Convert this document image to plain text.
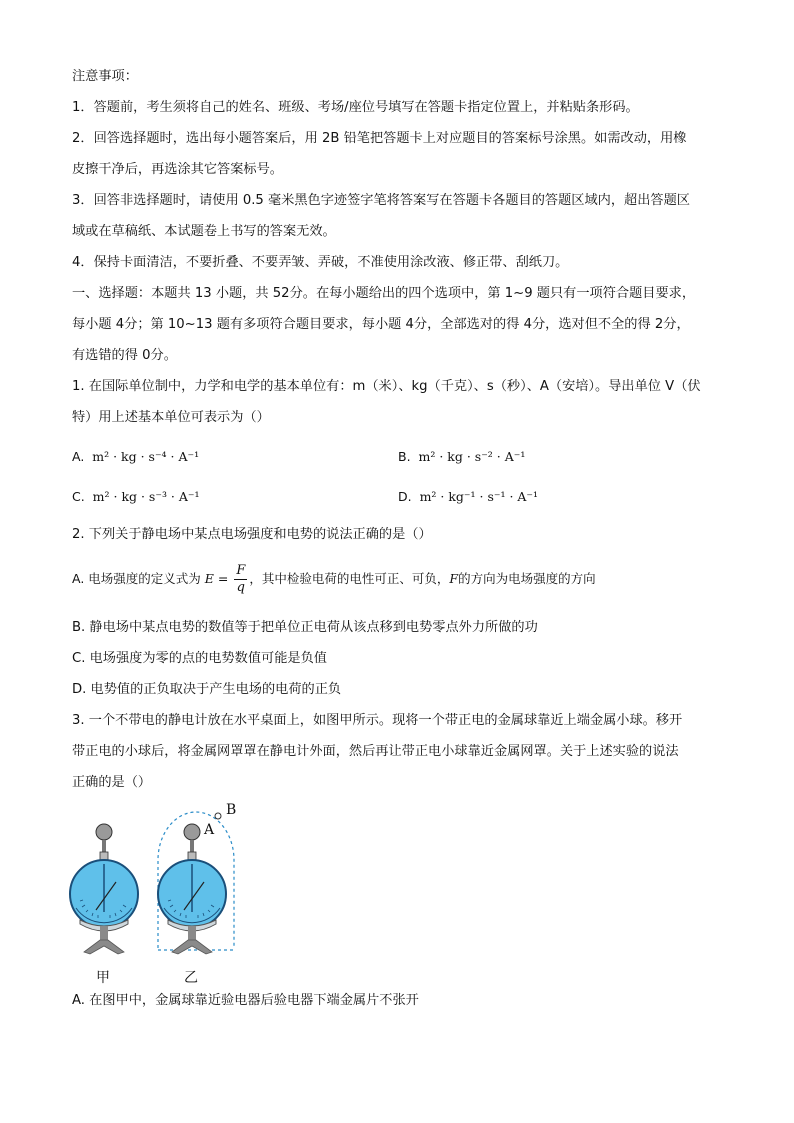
注意事项：
1．答题前，考生须将自己的姓名、班级、考场/座位号填写在答题卡指定位置上，并粘贴条形码。
2．回答选择题时，选出每小题答案后，用 2B 铅笔把答题卡上对应题目的答案标号涂黑。如需改动，用橡
皮擦干净后，再选涂其它答案标号。
3．回答非选择题时，请使用 0.5 毫米黑色字迹签字笔将答案写在答题卡各题目的答题区域内，超出答题区
域或在草稿纸、本试题卷上书写的答案无效。
4．保持卡面清洁，不要折叠、不要弄皱、弄破，不准使用涂改液、修正带、刮纸刀。
一、选择题：本题共 13 小题，共 52分。在每小题给出的四个选项中，第 1~9 题只有一项符合题目要求，
每小题 4分；第 10~13 题有多项符合题目要求，每小题 4分，全部选对的得 4分，选对但不全的得 2分，
有选错的得 0分。
1. 在国际单位制中，力学和电学的基本单位有：m（米）、kg（千克）、s（秒）、A（安培）。导出单位 V（伏
特）用上述基本单位可表示为（）
A. m² · kg · s⁻⁴ · A⁻¹	B. m² · kg · s⁻² · A⁻¹
C. m² · kg · s⁻³ · A⁻¹	D. m² · kg⁻¹ · s⁻¹ · A⁻¹
2. 下列关于静电场中某点电场强度和电势的说法正确的是（）
A. 电场强度的定义式为 $E = \frac{F}{q}$ ，其中检验电荷的电性可正、可负，F的方向为电场强度的方向
B. 静电场中某点电势的数值等于把单位正电荷从该点移到电势零点外力所做的功
C. 电场强度为零的点的电势数值可能是负值
D. 电势值的正负取决于产生电场的电荷的正负
3. 一个不带电的静电计放在水平桌面上，如图甲所示。现将一个带正电的金属球靠近上端金属小球。移开
带正电的小球后，将金属网罩罩在静电计外面，然后再让带正电小球靠近金属网罩。关于上述实验的说法
正确的是（）
A
B
甲	乙
A. 在图甲中，金属球靠近验电器后验电器下端金属片不张开
